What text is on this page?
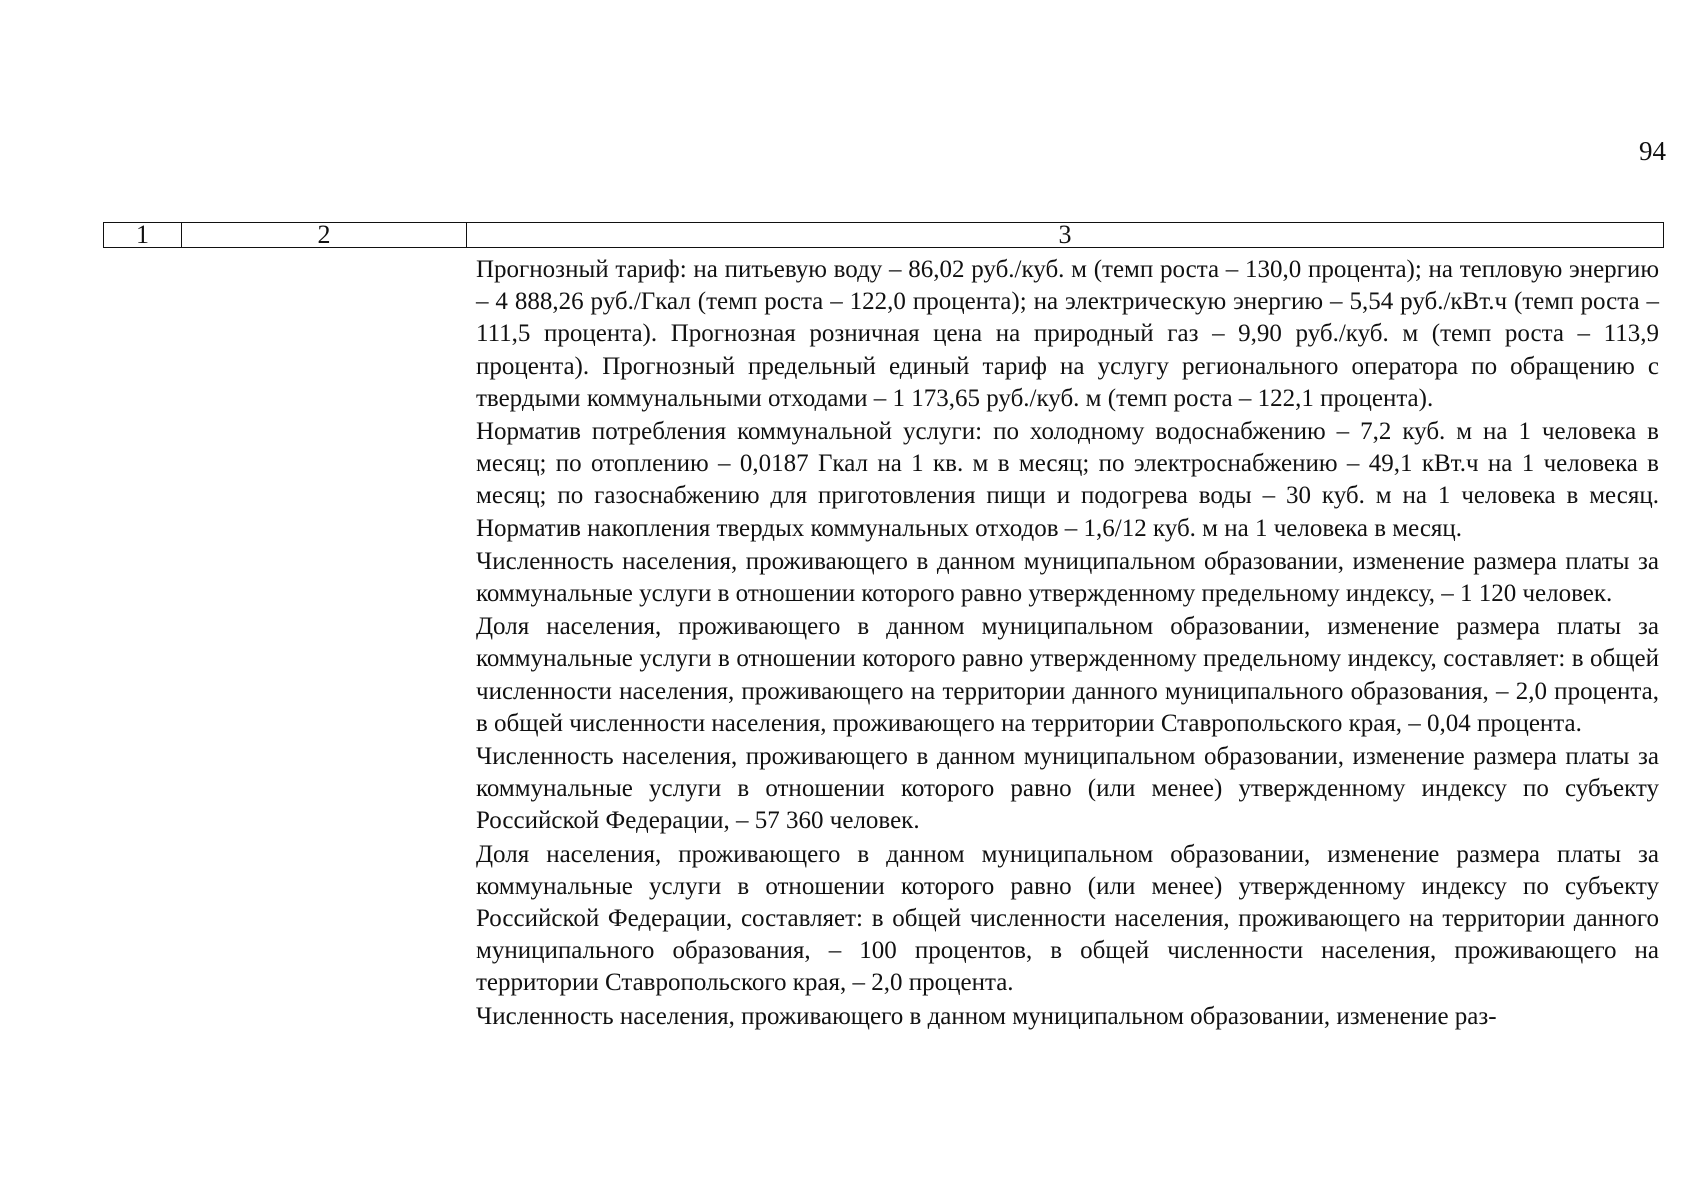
94
1	2	3

Прогнозный тариф: на питьевую воду – 86,02 руб./куб. м (темп роста – 130,0 процента); на тепловую энергию – 4 888,26 руб./Гкал (темп роста – 122,0 процента); на электрическую энергию – 5,54 руб./кВт.ч (темп роста – 111,5 процента). Прогнозная розничная цена на природный газ – 9,90 руб./куб. м (темп роста – 113,9 процента). Прогнозный предельный единый тариф на услугу регионального оператора по обращению с твердыми коммунальными отходами – 1 173,65 руб./куб. м (темп роста – 122,1 процента).

Норматив потребления коммунальной услуги: по холодному водоснабжению – 7,2 куб. м на 1 человека в месяц; по отоплению – 0,0187 Гкал на 1 кв. м в месяц; по электроснабжению – 49,1 кВт.ч на 1 человека в месяц; по газоснабжению для приготовления пищи и подогрева воды – 30 куб. м на 1 человека в месяц. Норматив накопления твердых коммунальных отходов – 1,6/12 куб. м на 1 человека в месяц.

Численность населения, проживающего в данном муниципальном образовании, изменение размера платы за коммунальные услуги в отношении которого равно утвержденному предельному индексу, – 1 120 человек.

Доля населения, проживающего в данном муниципальном образовании, изменение размера платы за коммунальные услуги в отношении которого равно утвержденному предельному индексу, составляет: в общей численности населения, проживающего на территории данного муниципального образования, – 2,0 процента, в общей численности населения, проживающего на территории Ставропольского края, – 0,04 процента.

Численность населения, проживающего в данном муниципальном образовании, изменение размера платы за коммунальные услуги в отношении которого равно (или менее) утвержденному индексу по субъекту Российской Федерации, – 57 360 человек.

Доля населения, проживающего в данном муниципальном образовании, изменение размера платы за коммунальные услуги в отношении которого равно (или менее) утвержденному индексу по субъекту Российской Федерации, составляет: в общей численности населения, проживающего на территории данного муниципального образования, – 100 процентов, в общей численности населения, проживающего на территории Ставропольского края, – 2,0 процента.

Численность населения, проживающего в данном муниципальном образовании, изменение раз-
